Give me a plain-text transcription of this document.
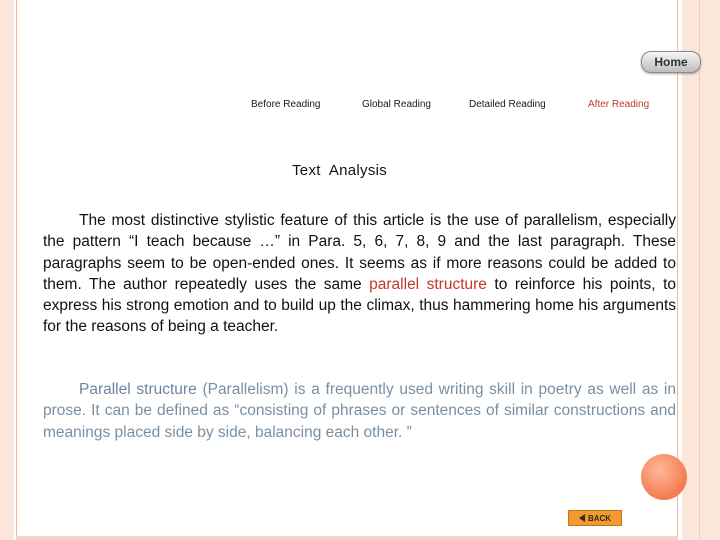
Home
Before Reading	Global Reading	Detailed Reading	After Reading
Text  Analysis
The most distinctive stylistic feature of this article is the use of parallelism, especially the pattern “I teach because …” in Para. 5, 6, 7, 8, 9 and the last paragraph. These paragraphs seem to be open-ended ones. It seems as if more reasons could be added to them. The author repeatedly uses the same parallel structure to reinforce his points, to express his strong emotion and to build up the climax, thus hammering home his arguments for the reasons of being a teacher.
Parallel structure (Parallelism) is a frequently used writing skill in poetry as well as in prose. It can be defined as “consisting of phrases or sentences of similar constructions and meanings placed side by side, balancing each other. ”
BACK
